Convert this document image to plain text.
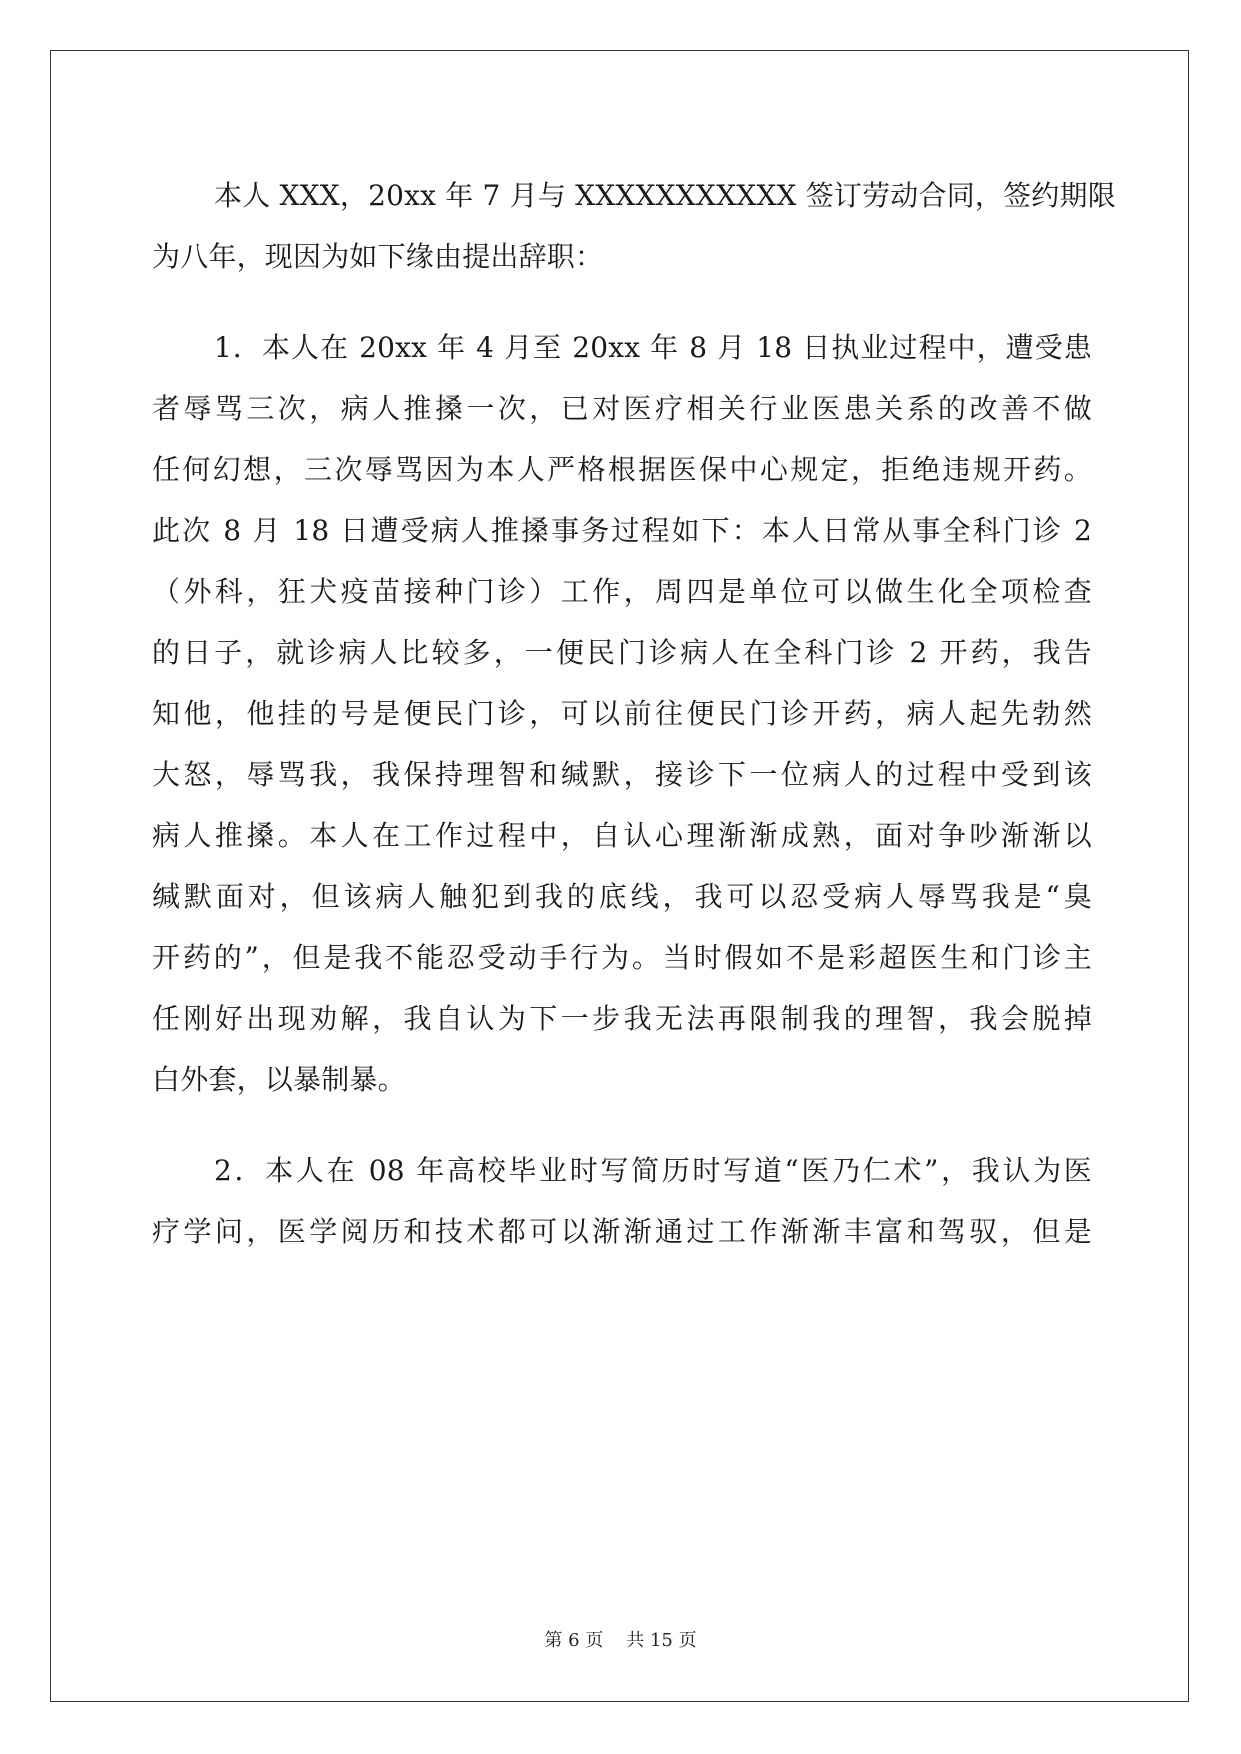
本人 XXX，20xx 年 7 月与 XXXXXXXXXXX 签订劳动合同，签约期限
为八年，现因为如下缘由提出辞职：
1．本人在 20xx 年 4 月至 20xx 年 8 月 18 日执业过程中，遭受患
者辱骂三次，病人推搡一次，已对医疗相关行业医患关系的改善不做
任何幻想，三次辱骂因为本人严格根据医保中心规定，拒绝违规开药。
此次 8 月 18 日遭受病人推搡事务过程如下：本人日常从事全科门诊 2
（外科，狂犬疫苗接种门诊）工作，周四是单位可以做生化全项检查
的日子，就诊病人比较多，一便民门诊病人在全科门诊 2 开药，我告
知他，他挂的号是便民门诊，可以前往便民门诊开药，病人起先勃然
大怒，辱骂我，我保持理智和缄默，接诊下一位病人的过程中受到该
病人推搡。本人在工作过程中，自认心理渐渐成熟，面对争吵渐渐以
缄默面对，但该病人触犯到我的底线，我可以忍受病人辱骂我是“臭
开药的”，但是我不能忍受动手行为。当时假如不是彩超医生和门诊主
任刚好出现劝解，我自认为下一步我无法再限制我的理智，我会脱掉
白外套，以暴制暴。
2．本人在 08 年高校毕业时写简历时写道“医乃仁术”，我认为医
疗学问，医学阅历和技术都可以渐渐通过工作渐渐丰富和驾驭，但是
第 6 页 共 15 页
